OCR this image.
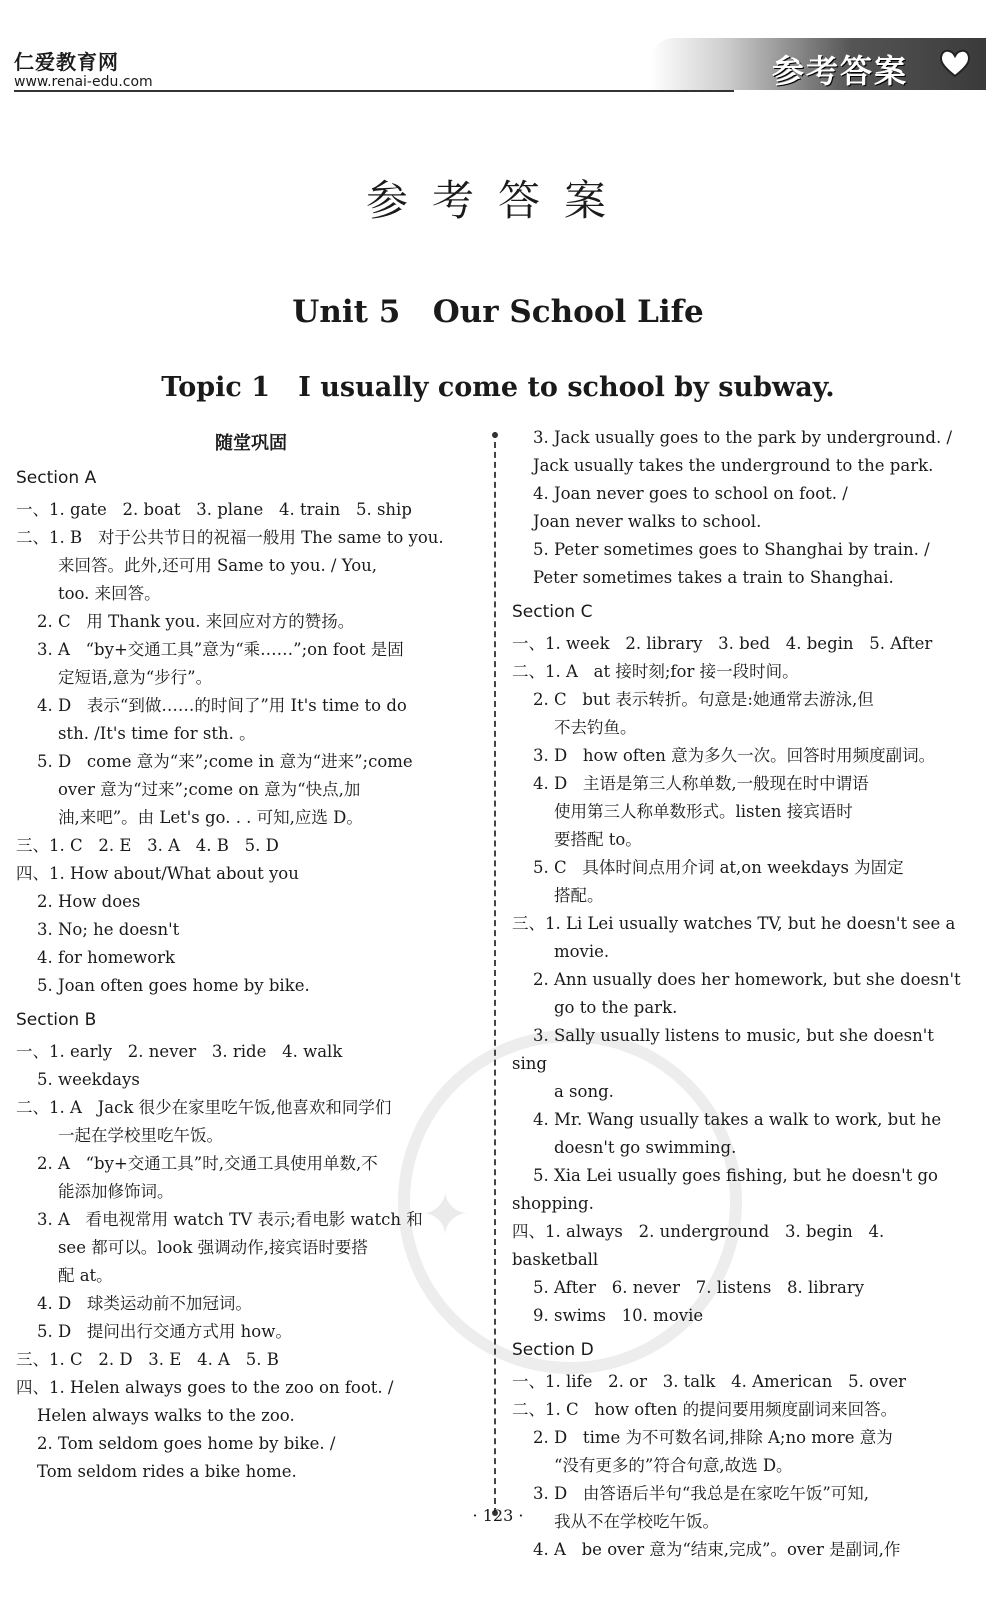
仁爱教育网
www.renai-edu.com	参考答案
参考答案
Unit 5   Our School Life
Topic 1   I usually come to school by subway.
✦
随堂巩固
Section A
一、1. gate   2. boat   3. plane   4. train   5. ship
二、1. B   对于公共节日的祝福一般用 The same to you.
来回答。此外,还可用 Same to you. / You,
too. 来回答。
2. C   用 Thank you. 来回应对方的赞扬。
3. A   “by+交通工具”意为“乘……”;on foot 是固
定短语,意为“步行”。
4. D   表示“到做……的时间了”用 It's time to do
sth. /It's time for sth. 。
5. D   come 意为“来”;come in 意为“进来”;come
over 意为“过来”;come on 意为“快点,加
油,来吧”。由 Let's go. . . 可知,应选 D。
三、1. C   2. E   3. A   4. B   5. D
四、1. How about/What about you
2. How does
3. No; he doesn't
4. for homework
5. Joan often goes home by bike.
Section B
一、1. early   2. never   3. ride   4. walk
5. weekdays
二、1. A   Jack 很少在家里吃午饭,他喜欢和同学们
一起在学校里吃午饭。
2. A   “by+交通工具”时,交通工具使用单数,不
能添加修饰词。
3. A   看电视常用 watch TV 表示;看电影 watch 和
see 都可以。look 强调动作,接宾语时要搭
配 at。
4. D   球类运动前不加冠词。
5. D   提问出行交通方式用 how。
三、1. C   2. D   3. E   4. A   5. B
四、1. Helen always goes to the zoo on foot. /
Helen always walks to the zoo.
2. Tom seldom goes home by bike. /
Tom seldom rides a bike home.
3. Jack usually goes to the park by underground. /
Jack usually takes the underground to the park.
4. Joan never goes to school on foot. /
Joan never walks to school.
5. Peter sometimes goes to Shanghai by train. /
Peter sometimes takes a train to Shanghai.
Section C
一、1. week   2. library   3. bed   4. begin   5. After
二、1. A   at 接时刻;for 接一段时间。
2. C   but 表示转折。句意是:她通常去游泳,但
不去钓鱼。
3. D   how often 意为多久一次。回答时用频度副词。
4. D   主语是第三人称单数,一般现在时中谓语
使用第三人称单数形式。listen 接宾语时
要搭配 to。
5. C   具体时间点用介词 at,on weekdays 为固定
搭配。
三、1. Li Lei usually watches TV, but he doesn't see a
movie.
2. Ann usually does her homework, but she doesn't
go to the park.
3. Sally usually listens to music, but she doesn't sing
a song.
4. Mr. Wang usually takes a walk to work, but he
doesn't go swimming.
5. Xia Lei usually goes fishing, but he doesn't go shopping.
四、1. always   2. underground   3. begin   4. basketball
5. After   6. never   7. listens   8. library
9. swims   10. movie
Section D
一、1. life   2. or   3. talk   4. American   5. over
二、1. C   how often 的提问要用频度副词来回答。
2. D   time 为不可数名词,排除 A;no more 意为
“没有更多的”符合句意,故选 D。
3. D   由答语后半句“我总是在家吃午饭”可知,
我从不在学校吃午饭。
4. A   be over 意为“结束,完成”。over 是副词,作
· 123 ·
